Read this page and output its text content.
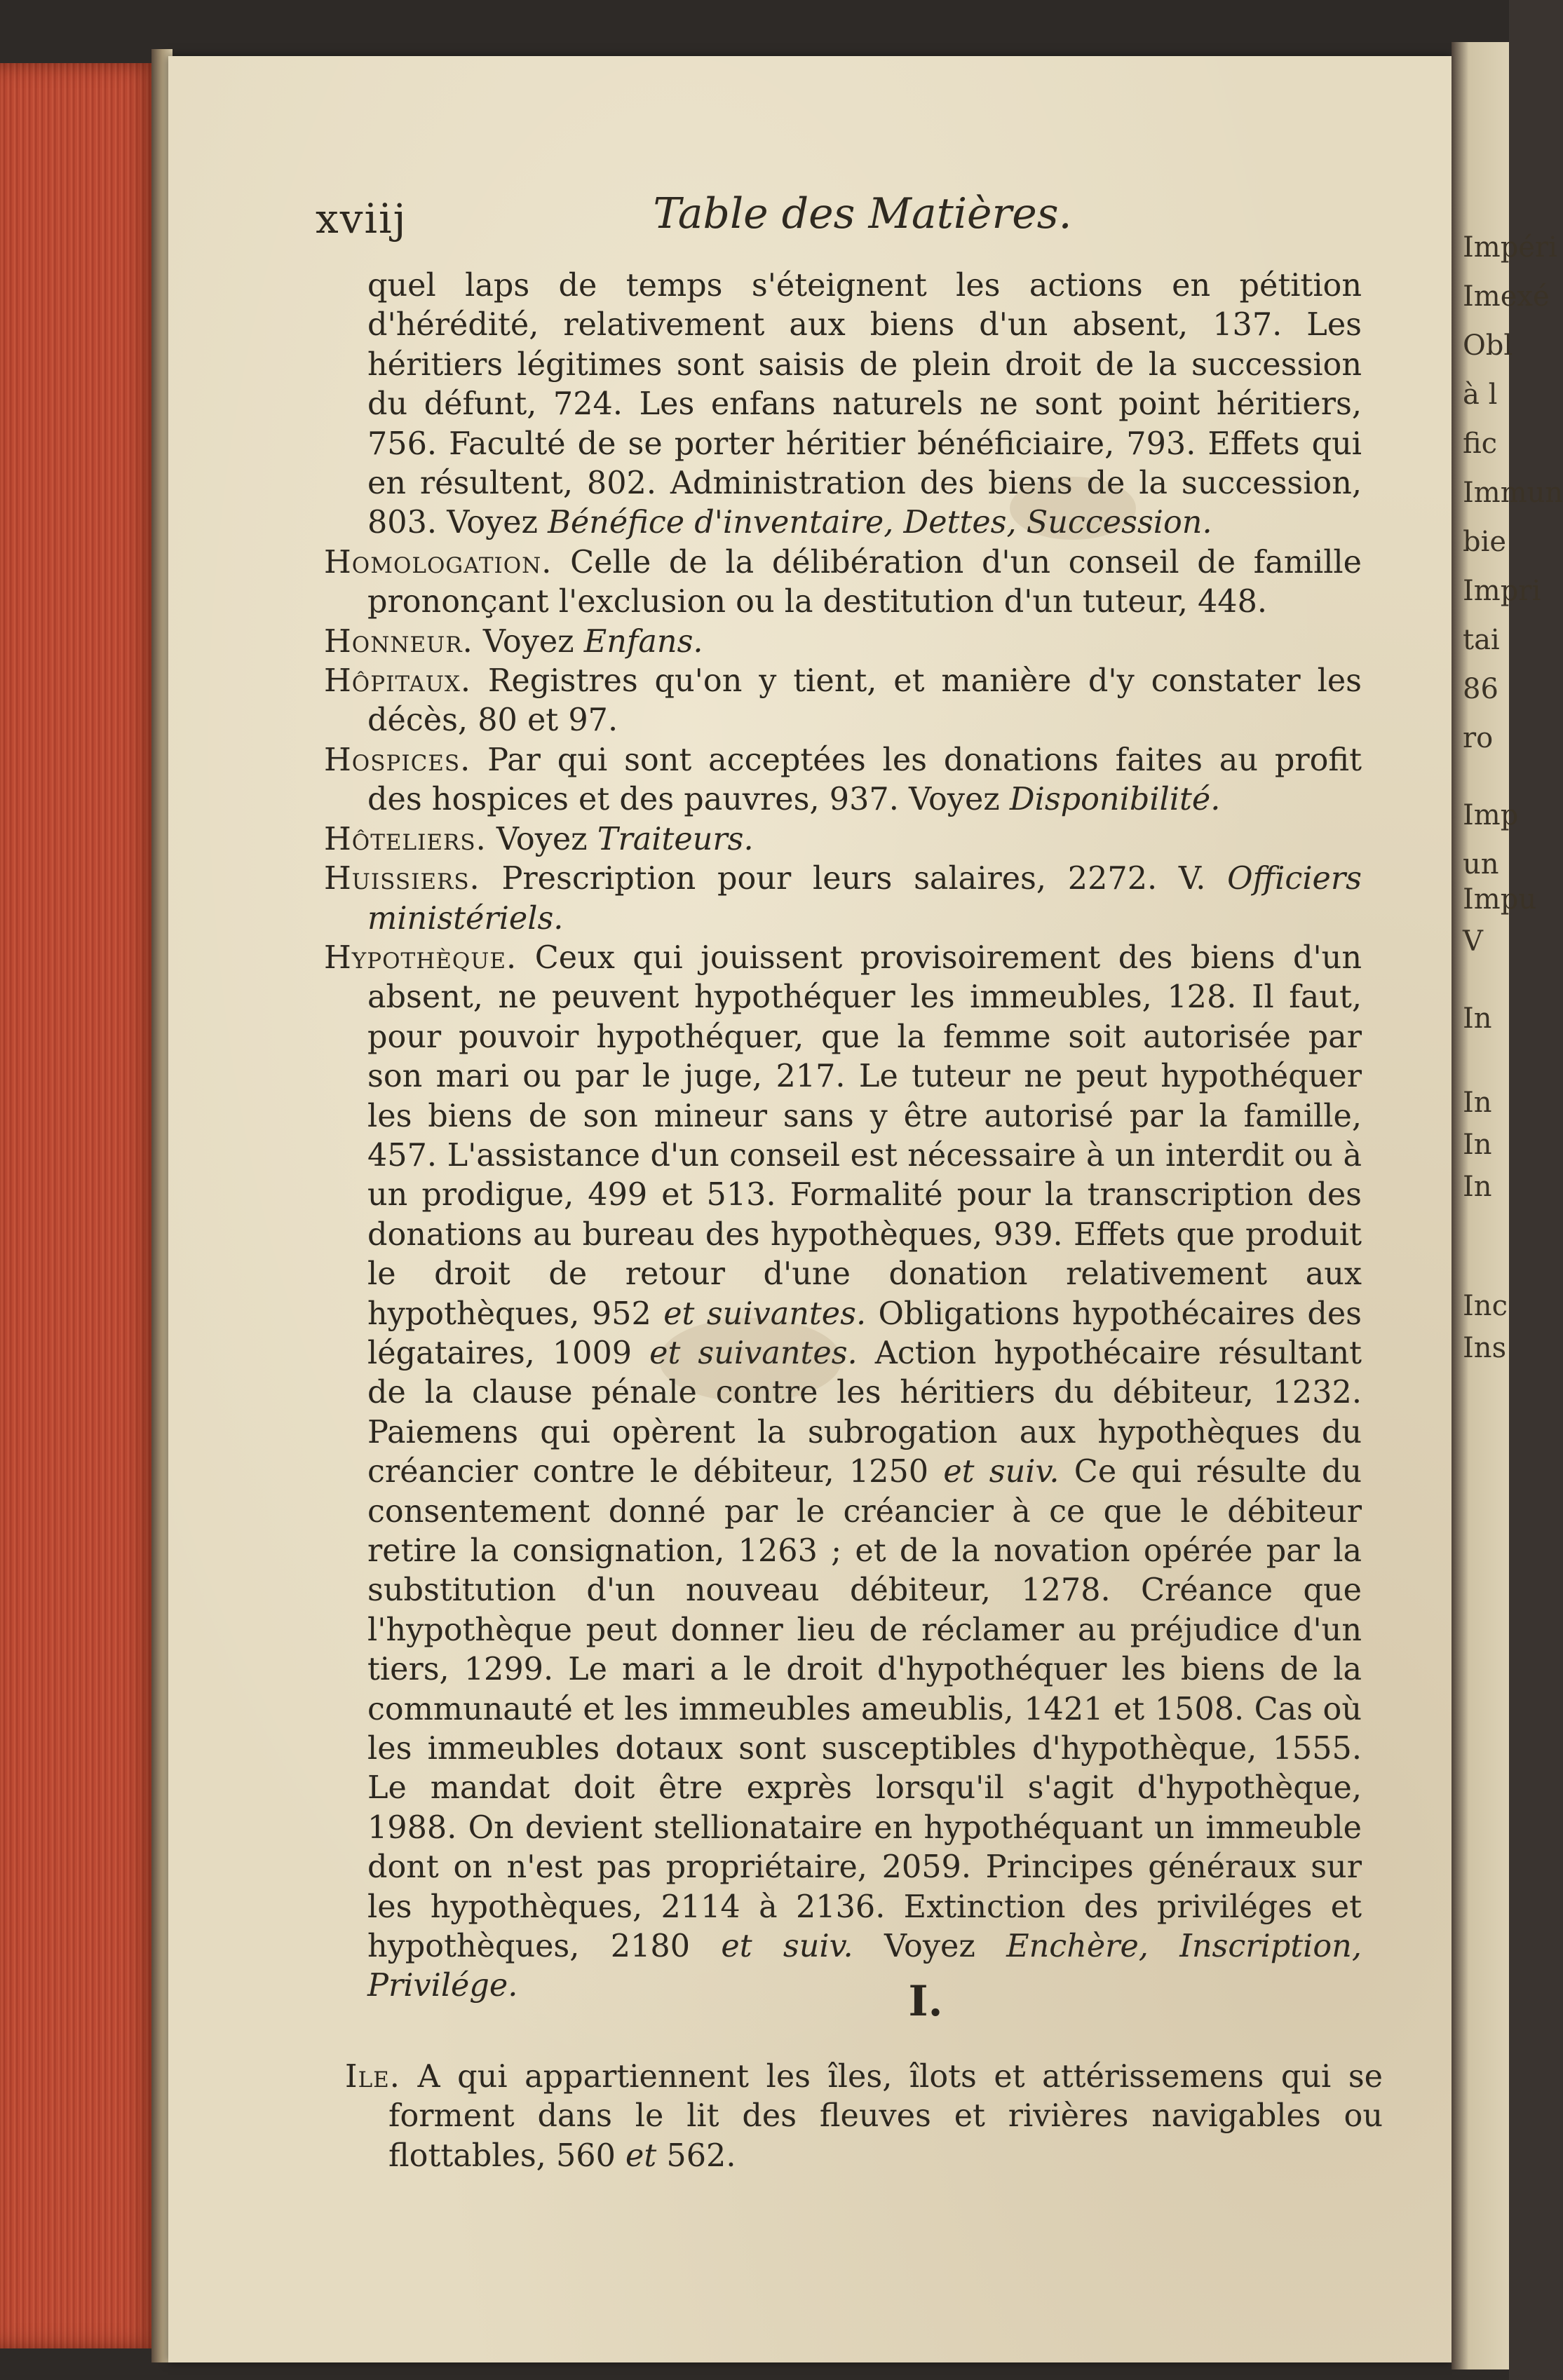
xviij	Table des Matières.

quel laps de temps s'éteignent les actions en pétition d'hérédité, relativement aux biens d'un absent, 137. Les héritiers légitimes sont saisis de plein droit de la succession du défunt, 724. Les enfans naturels ne sont point héritiers, 756. Faculté de se porter héritier bénéficiaire, 793. Effets qui en résultent, 802. Administration des biens de la succession, 803. Voyez Bénéfice d'inventaire, Dettes, Succession.

Homologation. Celle de la délibération d'un conseil de famille prononçant l'exclusion ou la destitution d'un tuteur, 448.

Honneur. Voyez Enfans.

Hôpitaux. Registres qu'on y tient, et manière d'y constater les décès, 80 et 97.

Hospices. Par qui sont acceptées les donations faites au profit des hospices et des pauvres, 937. Voyez Disponibilité.

Hôteliers. Voyez Traiteurs.

Huissiers. Prescription pour leurs salaires, 2272. V. Officiers ministériels.

Hypothèque. Ceux qui jouissent provisoirement des biens d'un absent, ne peuvent hypothéquer les immeubles, 128. Il faut, pour pouvoir hypothéquer, que la femme soit autorisée par son mari ou par le juge, 217. Le tuteur ne peut hypothéquer les biens de son mineur sans y être autorisé par la famille, 457. L'assistance d'un conseil est nécessaire à un interdit ou à un prodigue, 499 et 513. Formalité pour la transcription des donations au bureau des hypothèques, 939. Effets que produit le droit de retour d'une donation relativement aux hypothèques, 952 et suivantes. Obligations hypothécaires des légataires, 1009 et suivantes. Action hypothécaire résultant de la clause pénale contre les héritiers du débiteur, 1232. Paiemens qui opèrent la subrogation aux hypothèques du créancier contre le débiteur, 1250 et suiv. Ce qui résulte du consentement donné par le créancier à ce que le débiteur retire la consignation, 1263 ; et de la novation opérée par la substitution d'un nouveau débiteur, 1278. Créance que l'hypothèque peut donner lieu de réclamer au préjudice d'un tiers, 1299. Le mari a le droit d'hypothéquer les biens de la communauté et les immeubles ameublis, 1421 et 1508. Cas où les immeubles dotaux sont susceptibles d'hypothèque, 1555. Le mandat doit être exprès lorsqu'il s'agit d'hypothèque, 1988. On devient stellionataire en hypothéquant un immeuble dont on n'est pas propriétaire, 2059. Principes généraux sur les hypothèques, 2114 à 2136. Extinction des priviléges et hypothèques, 2180 et suiv. Voyez Enchère, Inscription, Privilége.	I.

Ile. A qui appartiennent les îles, îlots et attérissemens qui se forment dans le lit des fleuves et rivières navigables ou flottables, 560 et 562.

Impéri
Imexé
Obl
à l
fic
Immun
bie
Impri
tai
86
ro
Imp
un
Impu
V
In
In
In
In
Inc
Ins
